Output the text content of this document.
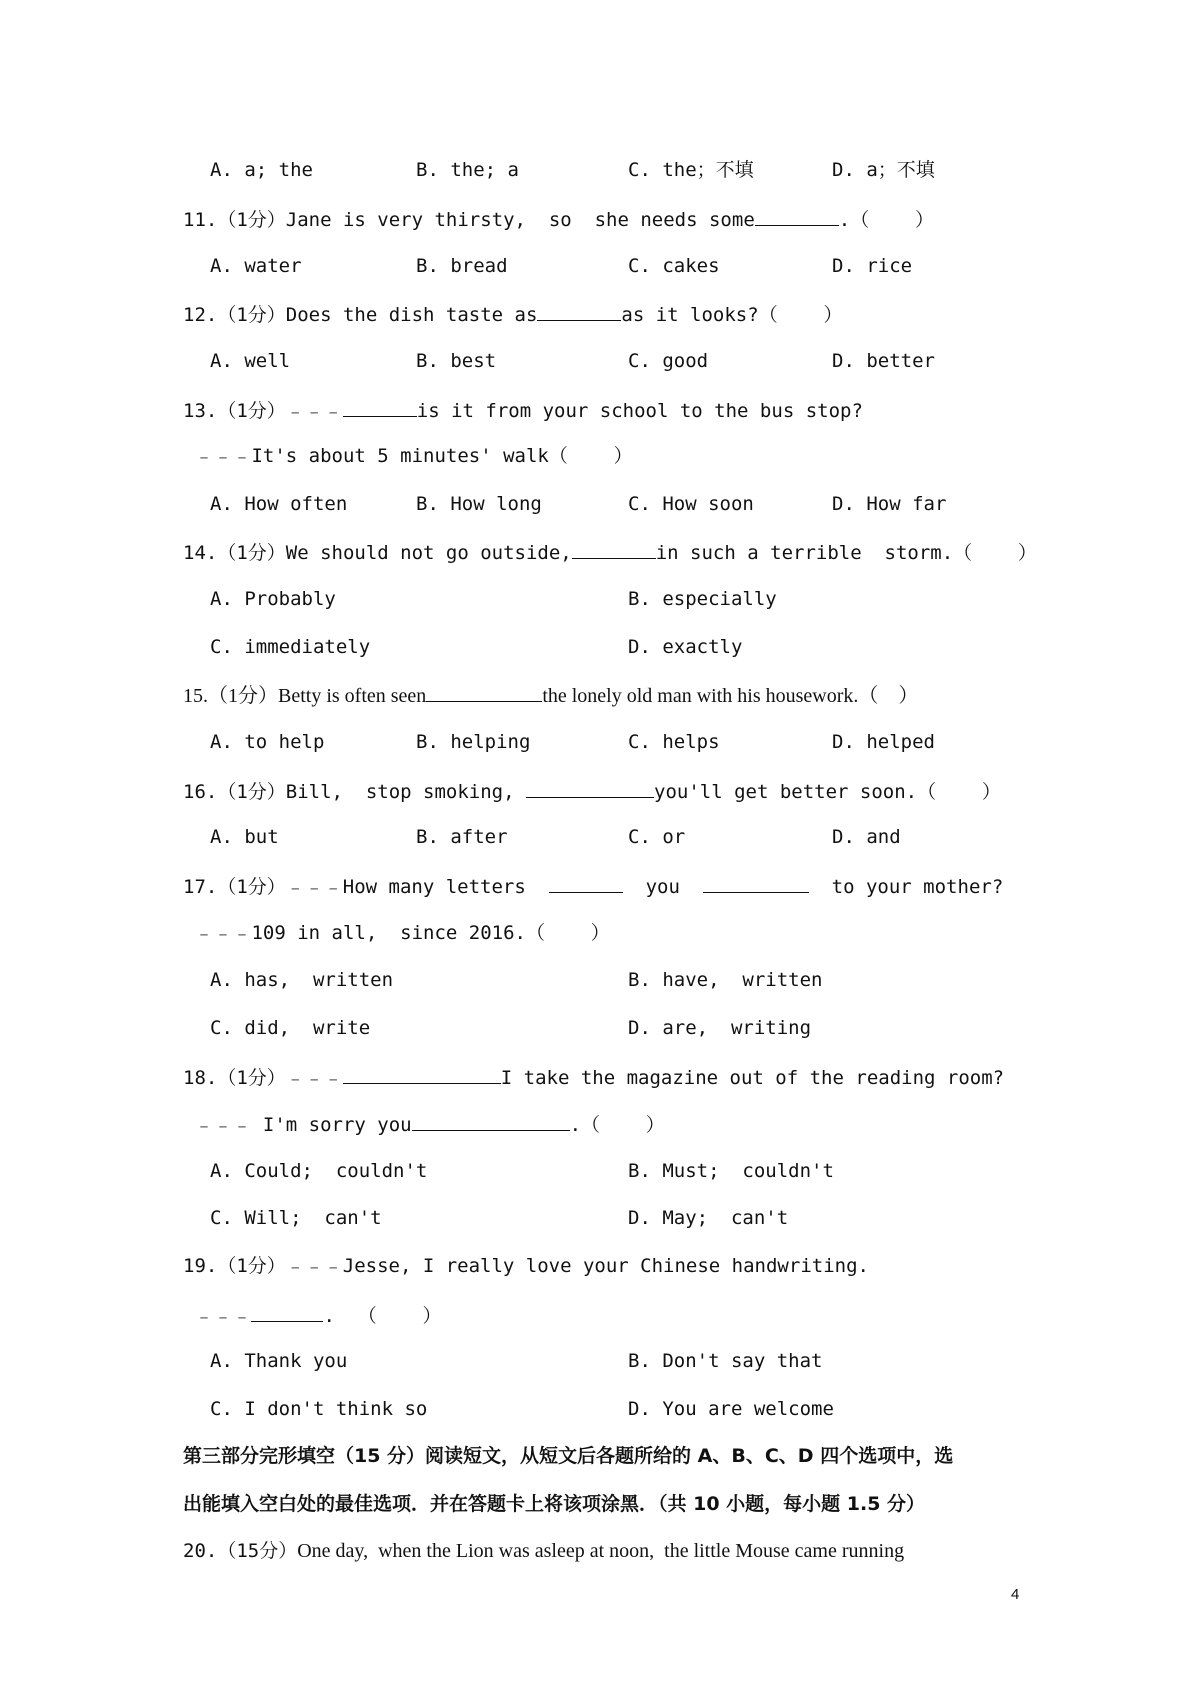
A. a; the	B. the; a	C. the；不填	D. a；不填
11.（1分）Jane is very thirsty,  so  she needs some	.（    ）
A. water	B. bread	C. cakes	D. rice
12.（1分）Does the dish taste as	as it looks?（    ）
A. well	B. best	C. good	D. better
13.（1分）﹣﹣﹣	is it from your school to the bus stop?
﹣﹣﹣It's about 5 minutes' walk（    ）
A. How often	B. How long	C. How soon	D. How far
14.（1分）We should not go outside,	in such a terrible  storm.（    ）
A. Probably	B. especially
C. immediately	D. exactly
15.（1分）Betty is often seen	the lonely old man with his housework.（    ）
A. to help	B. helping	C. helps	D. helped
16.（1分）Bill,  stop smoking,	you'll get better soon.（    ）
A. but	B. after	C. or	D. and
17.（1分）﹣﹣﹣How many letters	you	to your mother?
﹣﹣﹣109 in all,  since 2016.（    ）
A. has,  written	B. have,  written
C. did,  write	D. are,  writing
18.（1分）﹣﹣﹣	I take the magazine out of the reading room?
﹣﹣﹣ I'm sorry you	.（    ）
A. Could;  couldn't	B. Must;  couldn't
C. Will;  can't	D. May;  can't
19.（1分）﹣﹣﹣Jesse, I really love your Chinese handwriting.
﹣﹣﹣	.  （    ）
A. Thank you	B. Don't say that
C. I don't think so	D. You are welcome
第三部分完形填空（15 分）阅读短文，从短文后各题所给的 A、B、C、D 四个选项中，选
出能填入空白处的最佳选项．并在答题卡上将该项涂黑．（共 10 小题，每小题 1.5 分）
20.（15分）One day,  when the Lion was asleep at noon,  the little Mouse came running
4
